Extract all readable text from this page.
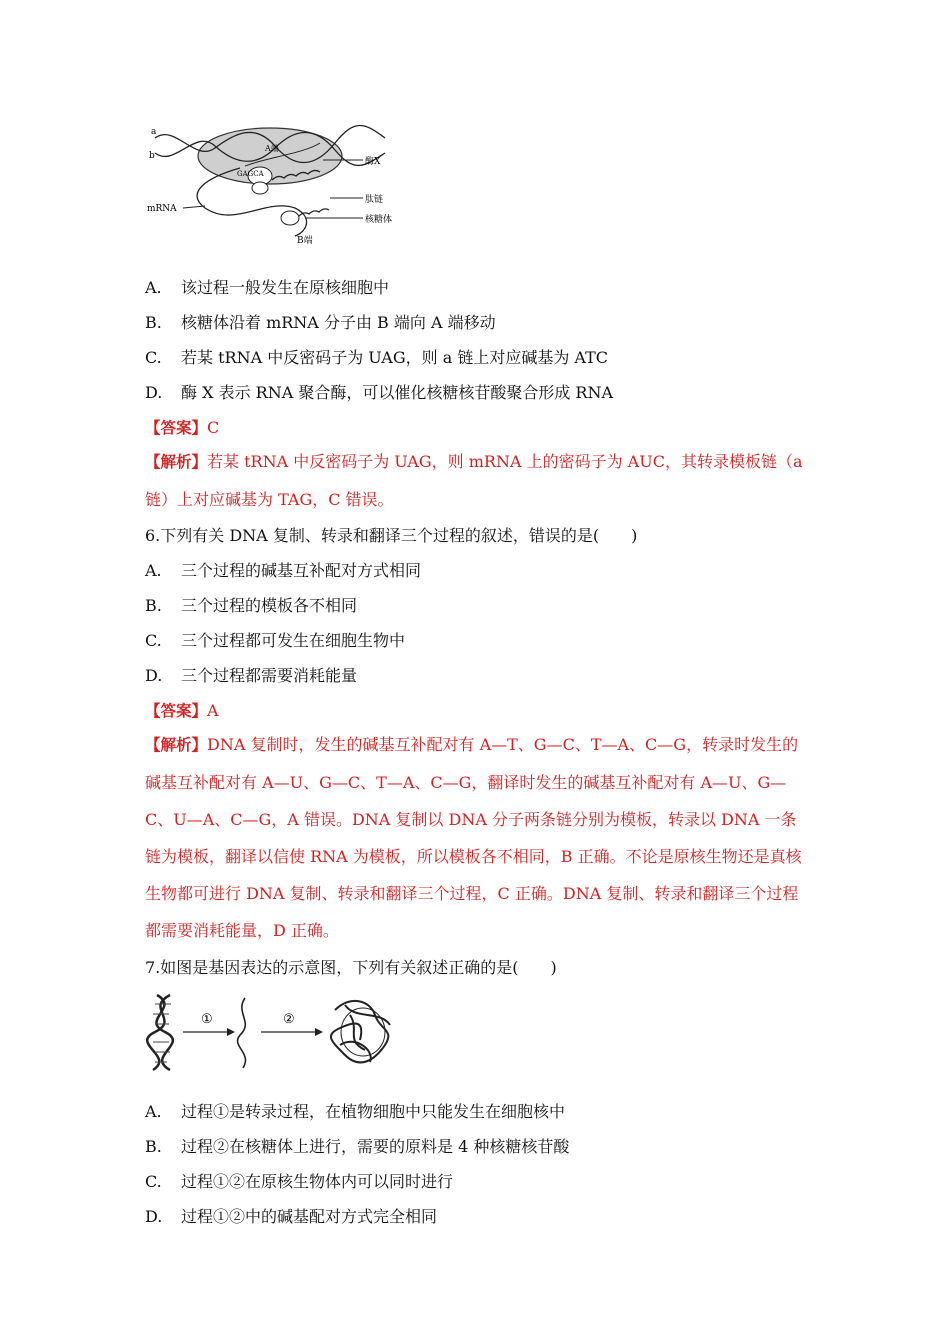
a
b
A端
GAGCA
酶X
肽链
mRNA
核糖体
B端
A. 该过程一般发生在原核细胞中
B. 核糖体沿着 mRNA 分子由 B 端向 A 端移动
C. 若某 tRNA 中反密码子为 UAG，则 a 链上对应碱基为 ATC
D. 酶 X 表示 RNA 聚合酶，可以催化核糖核苷酸聚合形成 RNA
【答案】C
【解析】若某 tRNA 中反密码子为 UAG，则 mRNA 上的密码子为 AUC，其转录模板链（a 链）上对应碱基为 TAG，C 错误。
6.下列有关 DNA 复制、转录和翻译三个过程的叙述，错误的是(　　)
A. 三个过程的碱基互补配对方式相同
B. 三个过程的模板各不相同
C. 三个过程都可发生在细胞生物中
D. 三个过程都需要消耗能量
【答案】A
【解析】DNA 复制时，发生的碱基互补配对有 A—T、G—C、T—A、C—G，转录时发生的碱基互补配对有 A—U、G—C、T—A、C—G，翻译时发生的碱基互补配对有 A—U、G—C、U—A、C—G，A 错误。DNA 复制以 DNA 分子两条链分别为模板，转录以 DNA 一条链为模板，翻译以信使 RNA 为模板，所以模板各不相同，B 正确。不论是原核生物还是真核生物都可进行 DNA 复制、转录和翻译三个过程，C 正确。DNA 复制、转录和翻译三个过程都需要消耗能量，D 正确。
7.如图是基因表达的示意图，下列有关叙述正确的是(　　)
①	②
A. 过程①是转录过程，在植物细胞中只能发生在细胞核中
B. 过程②在核糖体上进行，需要的原料是 4 种核糖核苷酸
C. 过程①②在原核生物体内可以同时进行
D. 过程①②中的碱基配对方式完全相同
